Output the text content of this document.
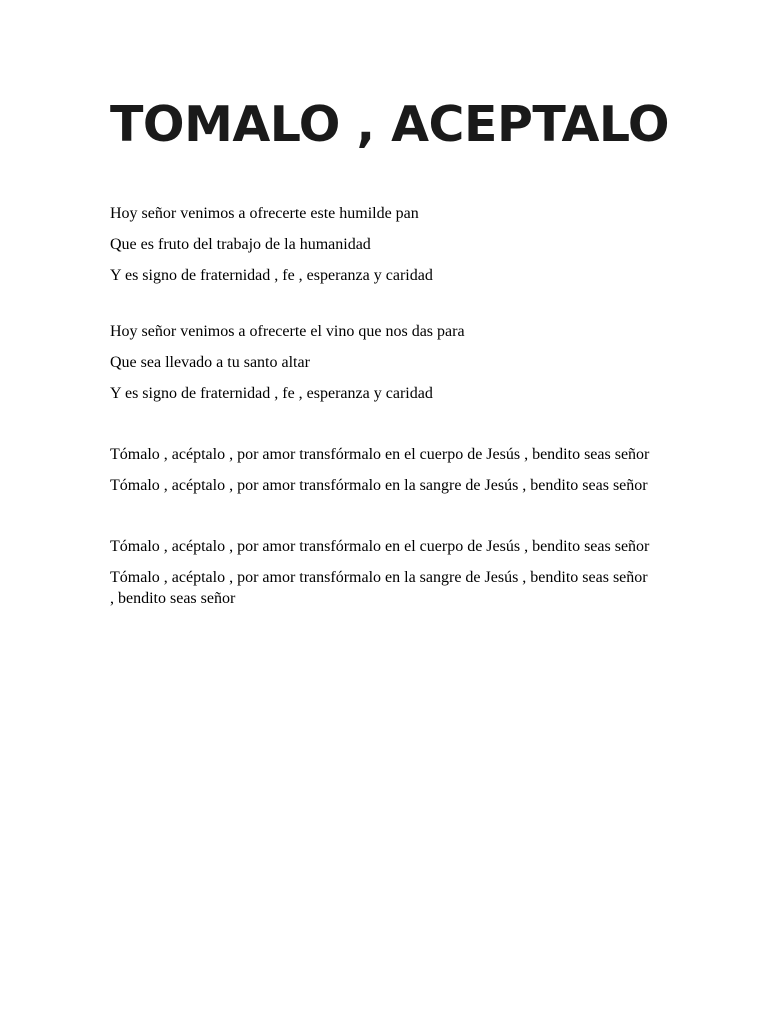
TOMALO , ACEPTALO

Hoy señor venimos a ofrecerte este humilde pan

Que es fruto del trabajo de la humanidad

Y es signo de fraternidad , fe , esperanza y caridad

Hoy señor venimos a ofrecerte el vino que nos das para

Que sea llevado a tu santo altar

Y es signo de fraternidad , fe , esperanza y caridad

Tómalo , acéptalo , por amor transfórmalo en el cuerpo de Jesús , bendito seas señor

Tómalo , acéptalo , por amor transfórmalo en la sangre de Jesús , bendito seas señor

Tómalo , acéptalo , por amor transfórmalo en el cuerpo de Jesús , bendito seas señor

Tómalo , acéptalo , por amor transfórmalo en la sangre de Jesús , bendito seas señor , bendito seas señor
